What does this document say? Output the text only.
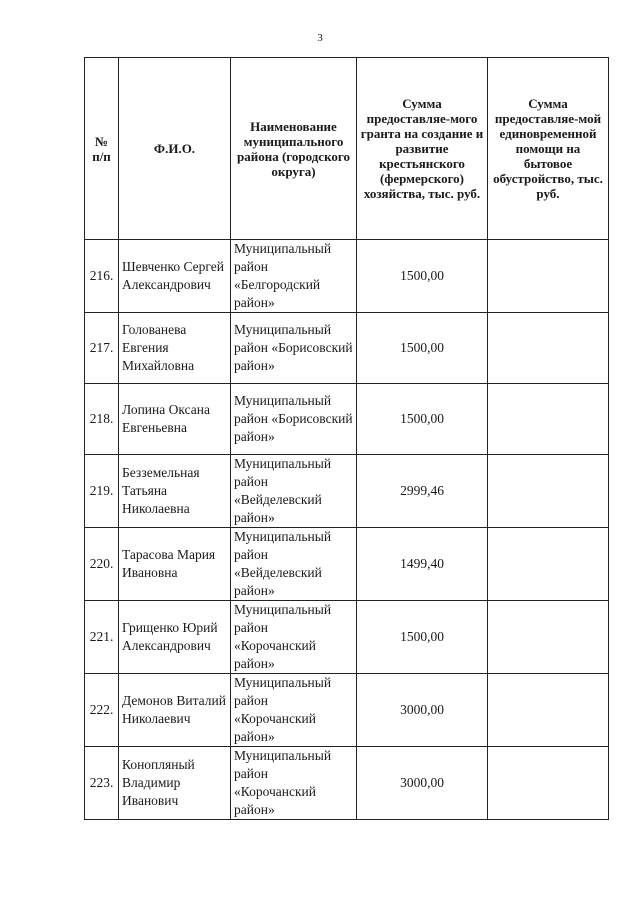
3
№ п/п	Ф.И.О.	Наименование муниципального района (городского округа)	Сумма предоставляе-мого гранта на создание и развитие крестьянского (фермерского) хозяйства, тыс. руб.	Сумма предоставляе-мой единовременной помощи на бытовое обустройство, тыс. руб.
216.	Шевченко Сергей Александрович	Муниципальный район «Белгородский район»	1500,00	
217.	Голованева Евгения Михайловна	Муниципальный район «Борисовский район»	1500,00	
218.	Лопина Оксана Евгеньевна	Муниципальный район «Борисовский район»	1500,00	
219.	Безземельная Татьяна Николаевна	Муниципальный район «Вейделевский район»	2999,46	
220.	Тарасова Мария Ивановна	Муниципальный район «Вейделевский район»	1499,40	
221.	Грищенко Юрий Александрович	Муниципальный район «Корочанский район»	1500,00	
222.	Демонов Виталий Николаевич	Муниципальный район «Корочанский район»	3000,00	
223.	Конопляный Владимир Иванович	Муниципальный район «Корочанский район»	3000,00	
